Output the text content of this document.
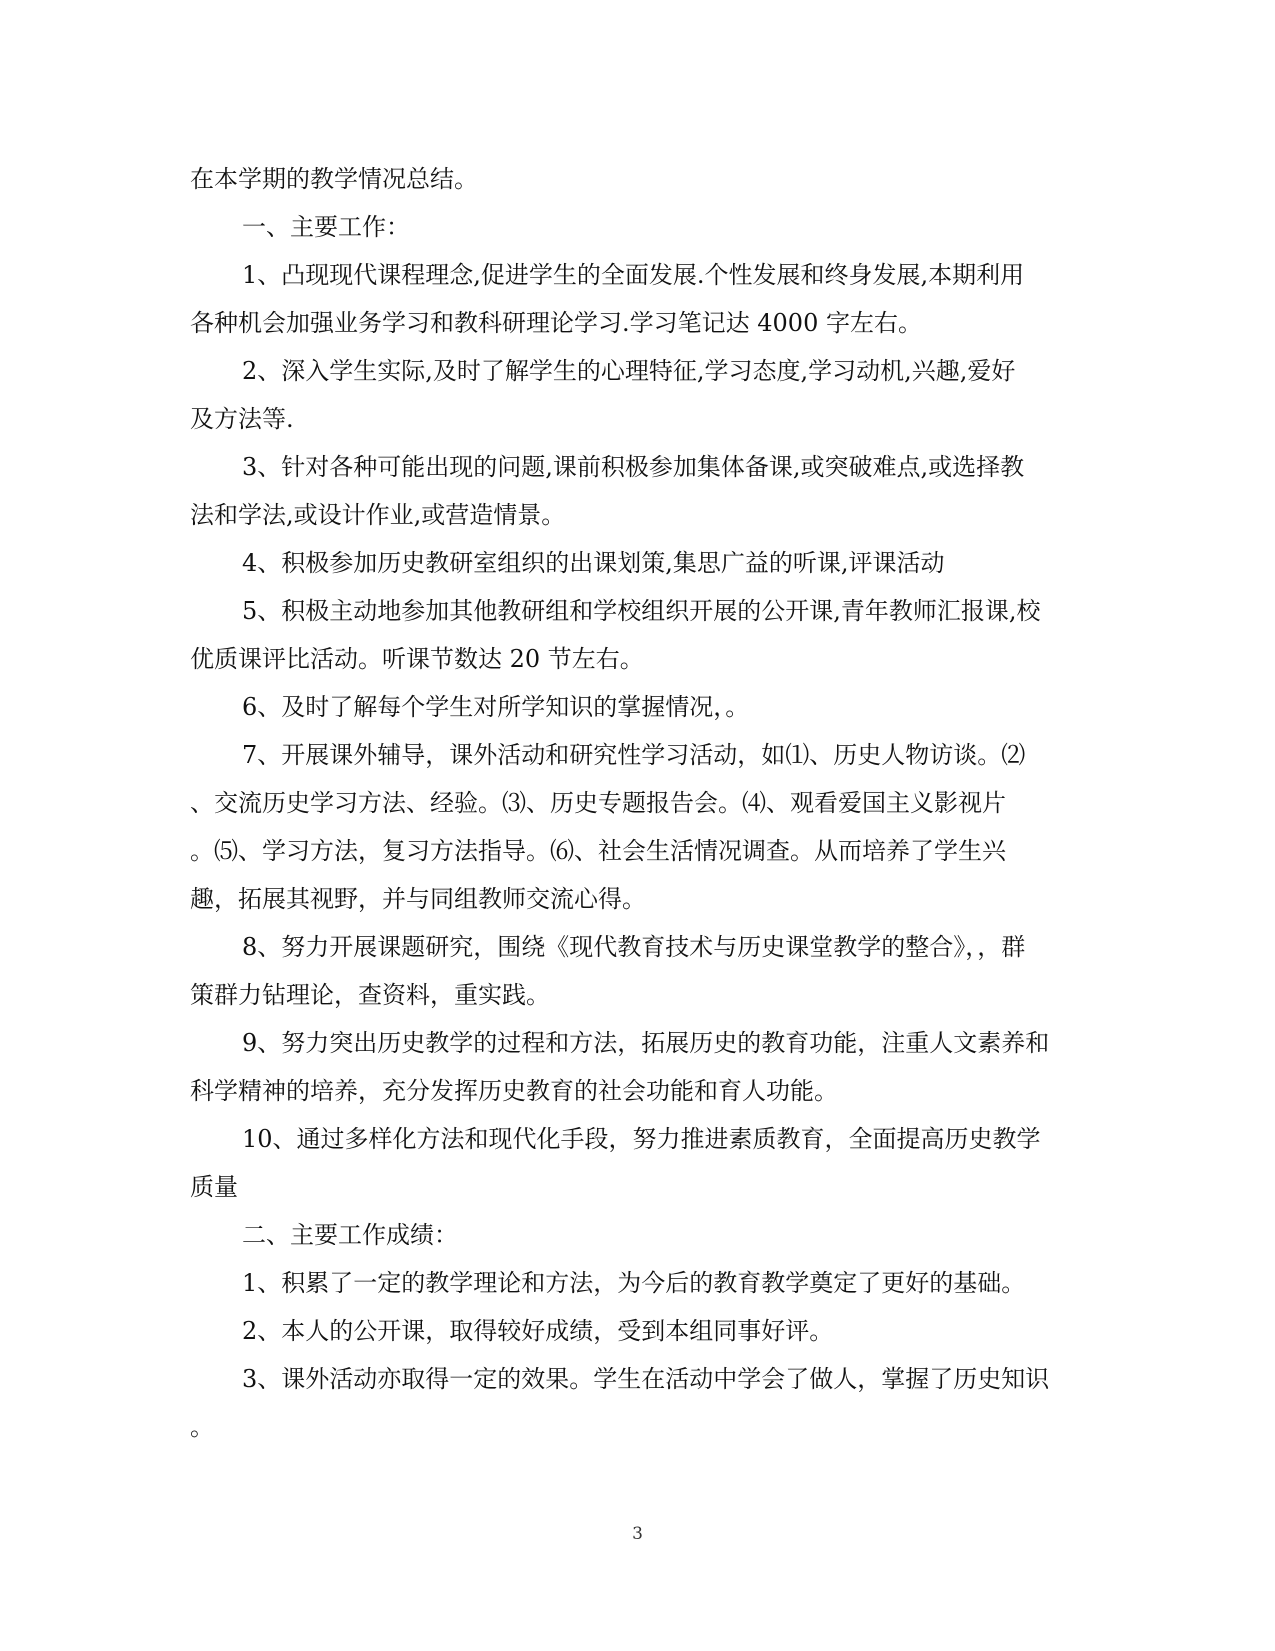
在本学期的教学情况总结。
一、主要工作：
1、凸现现代课程理念,促进学生的全面发展.个性发展和终身发展,本期利用
各种机会加强业务学习和教科研理论学习.学习笔记达 4000 字左右。
2、深入学生实际,及时了解学生的心理特征,学习态度,学习动机,兴趣,爱好
及方法等.
3、针对各种可能出现的问题,课前积极参加集体备课,或突破难点,或选择教
法和学法,或设计作业,或营造情景。
4、积极参加历史教研室组织的出课划策,集思广益的听课,评课活动
5、积极主动地参加其他教研组和学校组织开展的公开课,青年教师汇报课,校
优质课评比活动。听课节数达 20 节左右。
6、及时了解每个学生对所学知识的掌握情况，。
7、开展课外辅导，课外活动和研究性学习活动，如⑴、历史人物访谈。⑵
、交流历史学习方法、经验。⑶、历史专题报告会。⑷、观看爱国主义影视片
。⑸、学习方法，复习方法指导。⑹、社会生活情况调查。从而培养了学生兴
趣，拓展其视野，并与同组教师交流心得。
8、努力开展课题研究，围绕《现代教育技术与历史课堂教学的整合》，，群
策群力钻理论，查资料，重实践。
9、努力突出历史教学的过程和方法，拓展历史的教育功能，注重人文素养和
科学精神的培养，充分发挥历史教育的社会功能和育人功能。
10、通过多样化方法和现代化手段，努力推进素质教育，全面提高历史教学
质量
二、主要工作成绩：
1、积累了一定的教学理论和方法，为今后的教育教学奠定了更好的基础。
2、本人的公开课，取得较好成绩，受到本组同事好评。
3、课外活动亦取得一定的效果。学生在活动中学会了做人，掌握了历史知识
。
3
